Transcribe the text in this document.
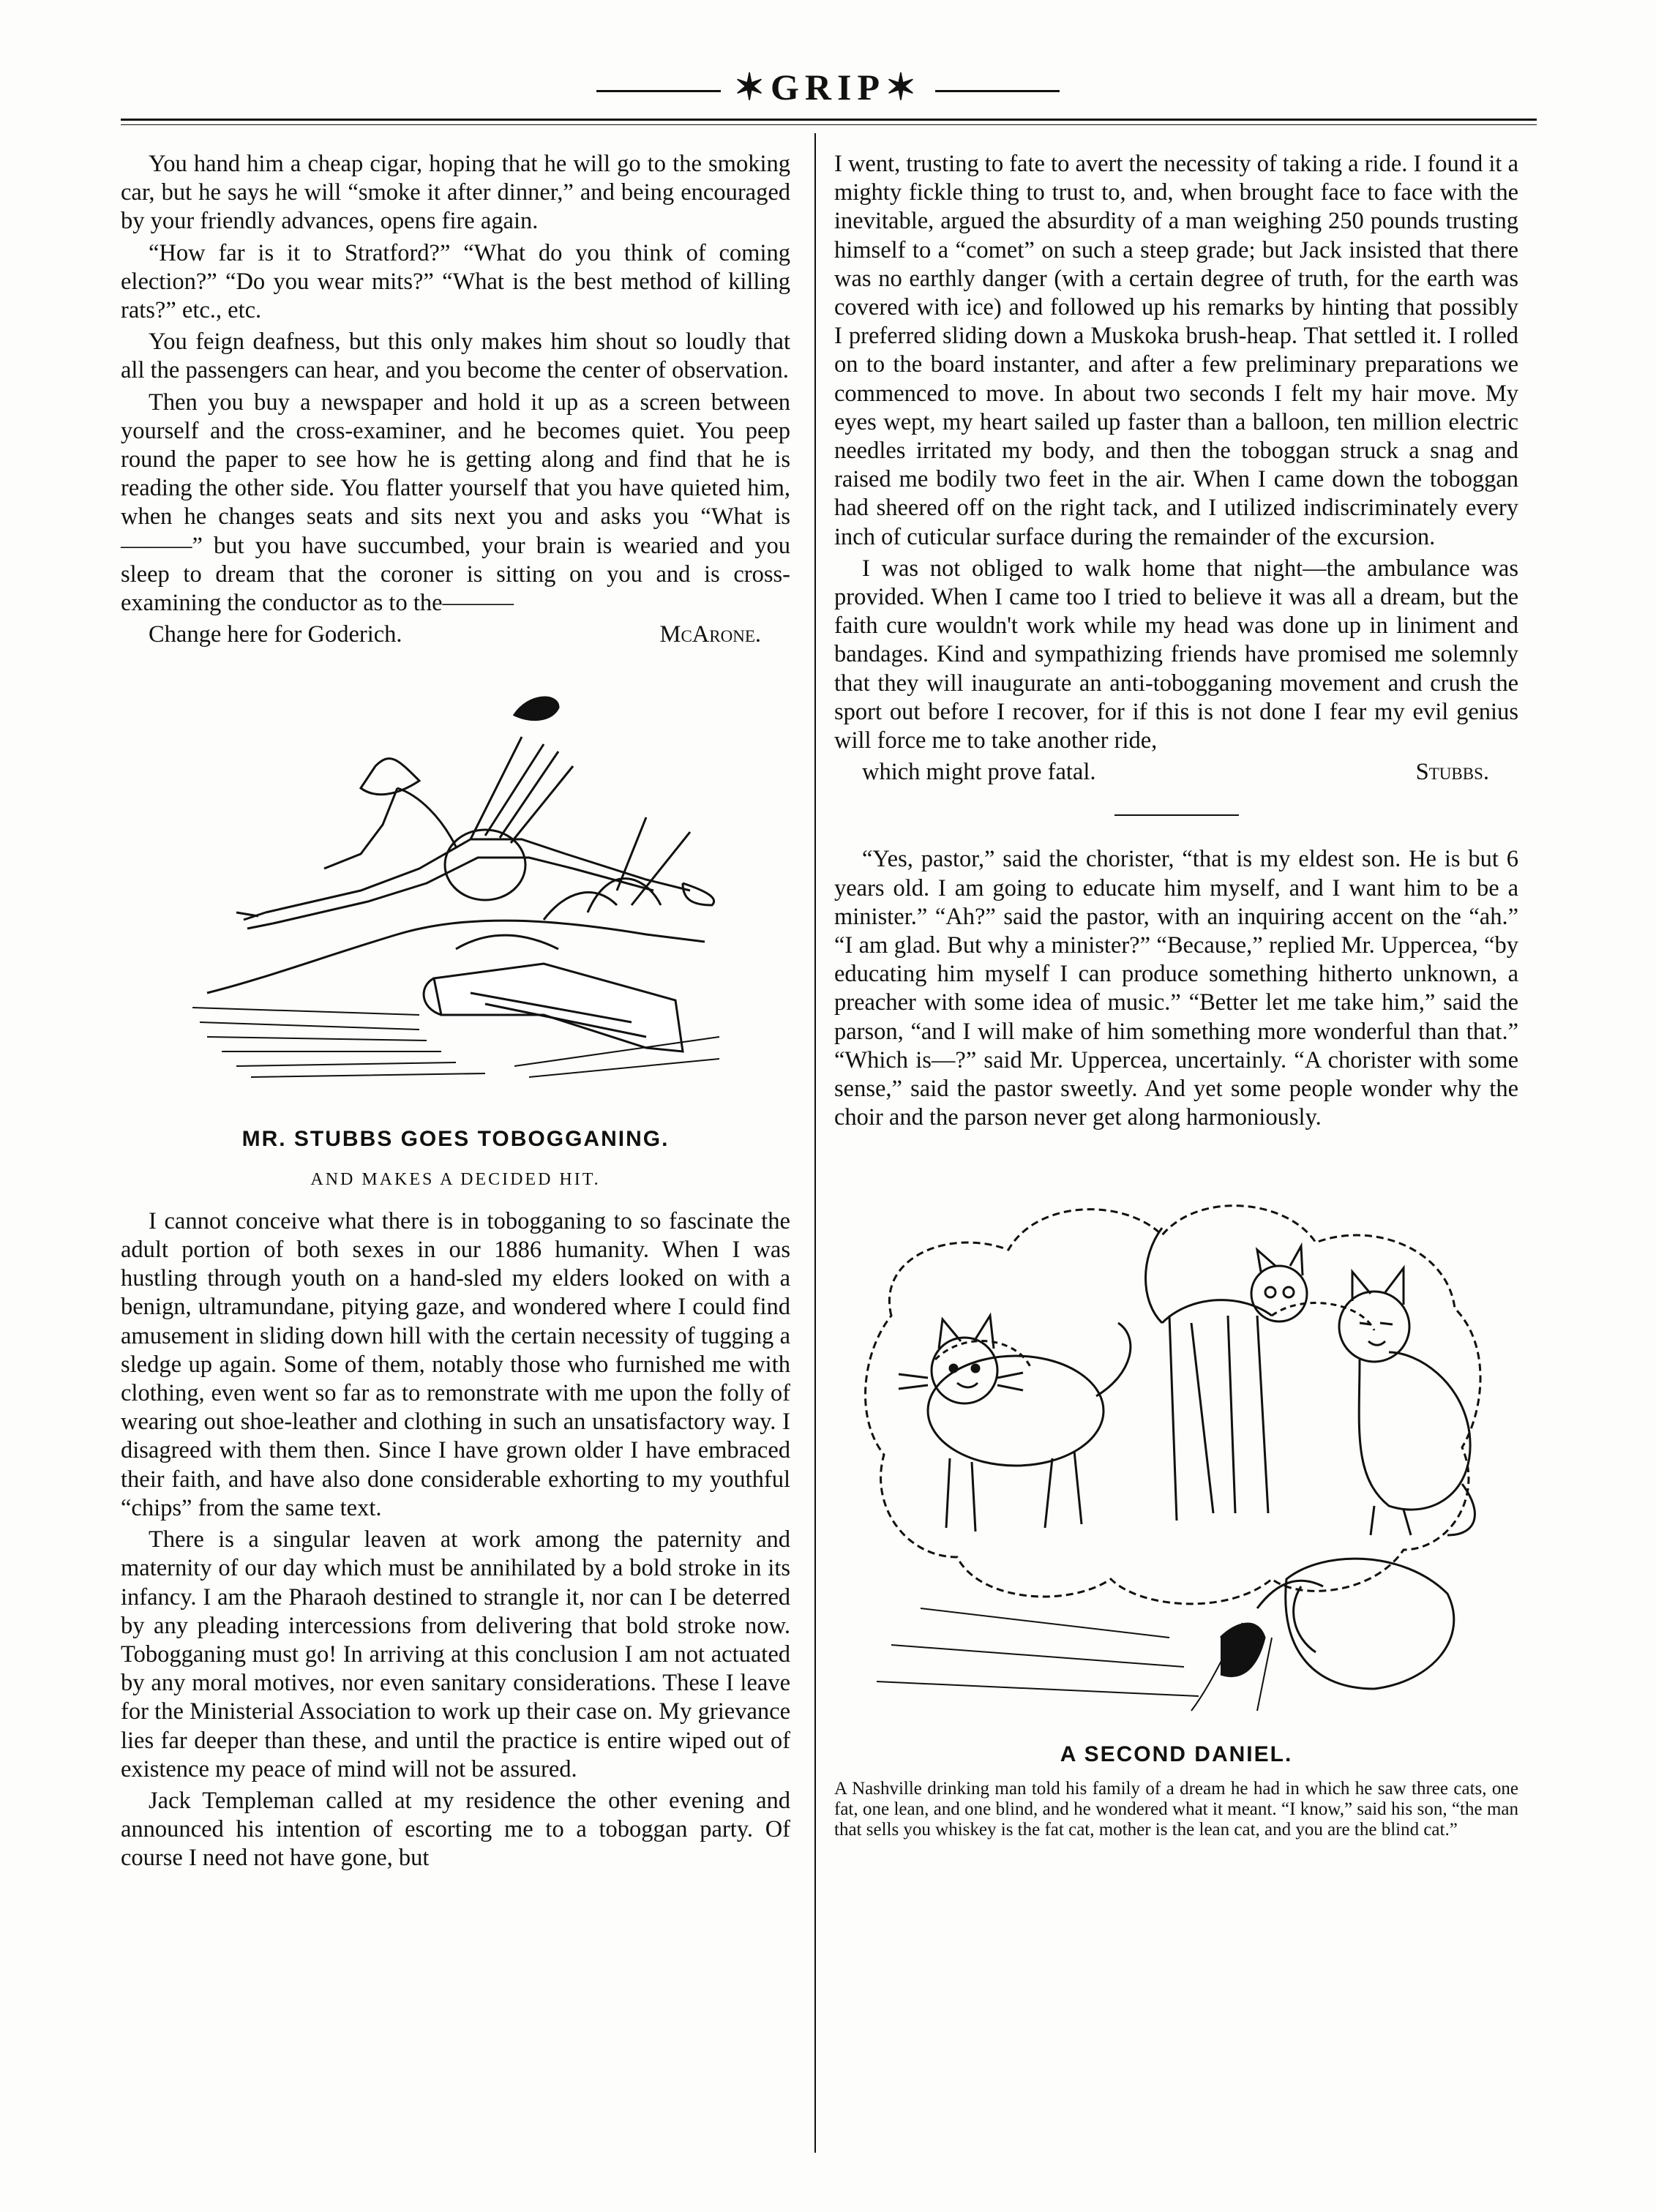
✶GRIP✶

You hand him a cheap cigar, hoping that he will go to the smoking car, but he says he will “smoke it after dinner,” and being encouraged by your friendly advances, opens fire again.

“How far is it to Stratford?” “What do you think of coming election?” “Do you wear mits?” “What is the best method of killing rats?” etc., etc.

You feign deafness, but this only makes him shout so loudly that all the passengers can hear, and you become the center of observation.

Then you buy a newspaper and hold it up as a screen between yourself and the cross-examiner, and he becomes quiet. You peep round the paper to see how he is getting along and find that he is reading the other side. You flatter yourself that you have quieted him, when he changes seats and sits next you and asks you “What is ———” but you have succumbed, your brain is wearied and you sleep to dream that the coroner is sitting on you and is cross-examining the conductor as to the———

Change here for Goderich.	McArone.

MR. STUBBS GOES TOBOGGANING.
AND MAKES A DECIDED HIT.

I cannot conceive what there is in tobogganing to so fascinate the adult portion of both sexes in our 1886 humanity. When I was hustling through youth on a hand-sled my elders looked on with a benign, ultramundane, pitying gaze, and wondered where I could find amusement in sliding down hill with the certain necessity of tugging a sledge up again. Some of them, notably those who furnished me with clothing, even went so far as to remonstrate with me upon the folly of wearing out shoe-leather and clothing in such an unsatisfactory way. I disagreed with them then. Since I have grown older I have embraced their faith, and have also done considerable exhorting to my youthful “chips” from the same text.

There is a singular leaven at work among the paternity and maternity of our day which must be annihilated by a bold stroke in its infancy. I am the Pharaoh destined to strangle it, nor can I be deterred by any pleading intercessions from delivering that bold stroke now. Tobogganing must go! In arriving at this conclusion I am not actuated by any moral motives, nor even sanitary considerations. These I leave for the Ministerial Association to work up their case on. My grievance lies far deeper than these, and until the practice is entire wiped out of existence my peace of mind will not be assured.

Jack Templeman called at my residence the other evening and announced his intention of escorting me to a toboggan party. Of course I need not have gone, but

I went, trusting to fate to avert the necessity of taking a ride. I found it a mighty fickle thing to trust to, and, when brought face to face with the inevitable, argued the absurdity of a man weighing 250 pounds trusting himself to a “comet” on such a steep grade; but Jack insisted that there was no earthly danger (with a certain degree of truth, for the earth was covered with ice) and followed up his remarks by hinting that possibly I preferred sliding down a Muskoka brush-heap. That settled it. I rolled on to the board instanter, and after a few preliminary preparations we commenced to move. In about two seconds I felt my hair move. My eyes wept, my heart sailed up faster than a balloon, ten million electric needles irritated my body, and then the toboggan struck a snag and raised me bodily two feet in the air. When I came down the toboggan had sheered off on the right tack, and I utilized indiscriminately every inch of cuticular surface during the remainder of the excursion.

I was not obliged to walk home that night—the ambulance was provided. When I came too I tried to believe it was all a dream, but the faith cure wouldn't work while my head was done up in liniment and bandages. Kind and sympathizing friends have promised me solemnly that they will inaugurate an anti-tobogganing movement and crush the sport out before I recover, for if this is not done I fear my evil genius will force me to take another ride,

which might prove fatal.	Stubbs.

“Yes, pastor,” said the chorister, “that is my eldest son. He is but 6 years old. I am going to educate him myself, and I want him to be a minister.” “Ah?” said the pastor, with an inquiring accent on the “ah.” “I am glad. But why a minister?” “Because,” replied Mr. Uppercea, “by educating him myself I can produce something hitherto unknown, a preacher with some idea of music.” “Better let me take him,” said the parson, “and I will make of him something more wonderful than that.” “Which is—?” said Mr. Uppercea, uncertainly. “A chorister with some sense,” said the pastor sweetly. And yet some people wonder why the choir and the parson never get along harmoniously.

A SECOND DANIEL.
A Nashville drinking man told his family of a dream he had in which he saw three cats, one fat, one lean, and one blind, and he wondered what it meant. “I know,” said his son, “the man that sells you whiskey is the fat cat, mother is the lean cat, and you are the blind cat.”
